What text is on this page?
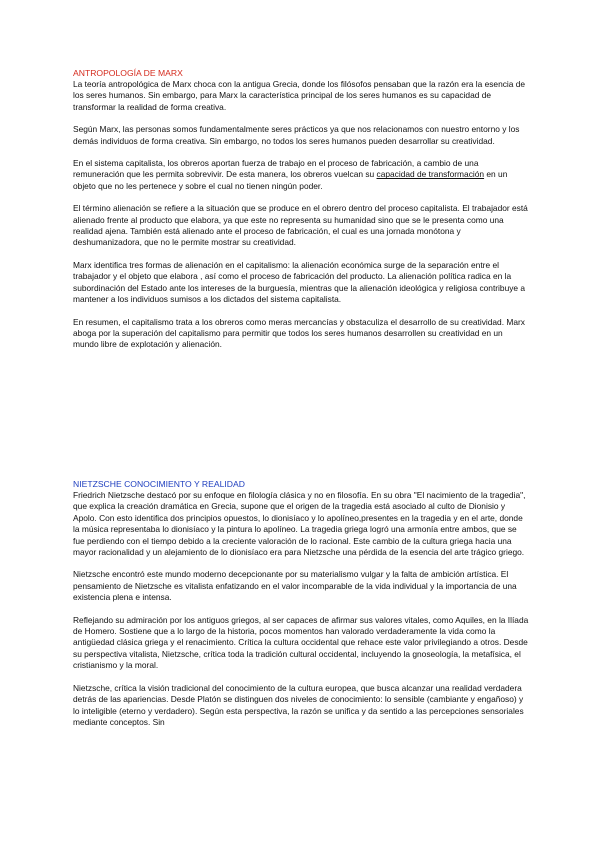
ANTROPOLOGÍA DE MARX

La teoría antropológica de Marx choca con la antigua Grecia, donde los filósofos pensaban que la razón era la esencia de los seres humanos. Sin embargo, para Marx la característica principal de los seres humanos es su capacidad de transformar la realidad de forma creativa.

Según Marx, las personas somos fundamentalmente seres prácticos ya que nos relacionamos con nuestro entorno y los demás individuos de forma creativa. Sin embargo, no todos los seres humanos pueden desarrollar su creatividad.

En el sistema capitalista, los obreros aportan fuerza de trabajo en el proceso de fabricación, a cambio de una remuneración que les permita sobrevivir. De esta manera, los obreros vuelcan su capacidad de transformación en un objeto que no les pertenece y sobre el cual no tienen ningún poder.

El término alienación se refiere a la situación que se produce en el obrero dentro del proceso capitalista. El trabajador está alienado frente al producto que elabora, ya que este no representa su humanidad sino que se le presenta como una realidad ajena. También está alienado ante el proceso de fabricación, el cual es una jornada monótona y deshumanizadora, que no le permite mostrar su creatividad.

Marx identifica tres formas de alienación en el capitalismo: la alienación económica surge de la separación entre el trabajador y el objeto que elabora , así como el proceso de fabricación del producto. La alienación política radica en la subordinación del Estado ante los intereses de la burguesía, mientras que la alienación ideológica y religiosa contribuye a mantener a los individuos sumisos a los dictados del sistema capitalista.

En resumen, el capitalismo trata a los obreros como meras mercancías y obstaculiza el desarrollo de su creatividad. Marx aboga por la superación del capitalismo para permitir que todos los seres humanos desarrollen su creatividad en un mundo libre de explotación y alienación.

NIETZSCHE CONOCIMIENTO Y REALIDAD

Friedrich Nietzsche destacó por su enfoque en filología clásica y no en filosofía. En su obra "El nacimiento de la tragedia", que explica la creación dramática en Grecia, supone que el origen de la tragedia está asociado al culto de Dionisio y Apolo. Con esto identifica dos principios opuestos, lo dionisíaco y lo apolíneo,presentes en la tragedia y en el arte, donde la música representaba lo dionisíaco y la pintura lo apolíneo. La tragedia griega logró una armonía entre ambos, que se fue perdiendo con el tiempo debido a la creciente valoración de lo racional. Este cambio de la cultura griega hacia una mayor racionalidad y un alejamiento de lo dionisíaco era para Nietzsche una pérdida de la esencia del arte trágico griego.

Nietzsche encontró este mundo moderno decepcionante por su materialismo vulgar y la falta de ambición artística. El pensamiento de Nietzsche es vitalista enfatizando en el valor incomparable de la vida individual y la importancia de una existencia plena e intensa.

Reflejando su admiración por los antiguos griegos, al ser capaces de afirmar sus valores vitales, como Aquiles, en la Ilíada de Homero. Sostiene que a lo largo de la historia, pocos momentos han valorado verdaderamente la vida como la antigüedad clásica griega y el renacimiento. Crítica la cultura occidental que rehace este valor privilegiando a otros. Desde su perspectiva vitalista, Nietzsche, crítica toda la tradición cultural occidental, incluyendo la gnoseología, la metafísica, el cristianismo y la moral.

Nietzsche, crítica la visión tradicional del conocimiento de la cultura europea, que busca alcanzar una realidad verdadera detrás de las apariencias. Desde Platón se distinguen dos niveles de conocimiento: lo sensible (cambiante y engañoso) y lo inteligible (eterno y verdadero). Según esta perspectiva, la razón se unifica y da sentido a las percepciones sensoriales mediante conceptos. Sin
